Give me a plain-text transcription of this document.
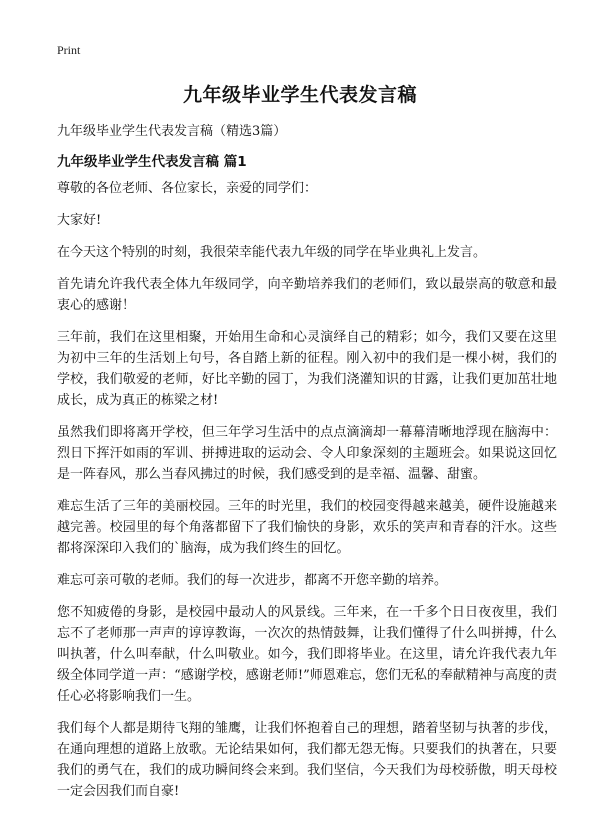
Print
九年级毕业学生代表发言稿

九年级毕业学生代表发言稿（精选3篇）

九年级毕业学生代表发言稿 篇1

尊敬的各位老师、各位家长，亲爱的同学们：

大家好!

在今天这个特别的时刻，我很荣幸能代表九年级的同学在毕业典礼上发言。

首先请允许我代表全体九年级同学，向辛勤培养我们的老师们，致以最崇高的敬意和最衷心的感谢！

三年前，我们在这里相聚，开始用生命和心灵演绎自己的精彩；如今，我们又要在这里为初中三年的生活划上句号，各自踏上新的征程。刚入初中的我们是一棵小树，我们的学校，我们敬爱的老师，好比辛勤的园丁，为我们浇灌知识的甘露，让我们更加茁壮地成长，成为真正的栋梁之材!

虽然我们即将离开学校，但三年学习生活中的点点滴滴却一幕幕清晰地浮现在脑海中：烈日下挥汗如雨的军训、拼搏进取的运动会、令人印象深刻的主题班会。如果说这回忆是一阵春风，那么当春风拂过的时候，我们感受到的是幸福、温馨、甜蜜。

难忘生活了三年的美丽校园。三年的时光里，我们的校园变得越来越美，硬件设施越来越完善。校园里的每个角落都留下了我们愉快的身影，欢乐的笑声和青春的汗水。这些都将深深印入我们的`脑海，成为我们终生的回忆。

难忘可亲可敬的老师。我们的每一次进步，都离不开您辛勤的培养。

您不知疲倦的身影，是校园中最动人的风景线。三年来，在一千多个日日夜夜里，我们忘不了老师那一声声的谆谆教诲，一次次的热情鼓舞，让我们懂得了什么叫拼搏，什么叫执著，什么叫奉献，什么叫敬业。如今，我们即将毕业。在这里，请允许我代表九年级全体同学道一声：“感谢学校，感谢老师!”师恩难忘，您们无私的奉献精神与高度的责任心必将影响我们一生。

我们每个人都是期待飞翔的雏鹰，让我们怀抱着自己的理想，踏着坚韧与执著的步伐，在通向理想的道路上放歌。无论结果如何，我们都无怨无悔。只要我们的执著在，只要我们的勇气在，我们的成功瞬间终会来到。我们坚信，今天我们为母校骄傲，明天母校一定会因我们而自豪!
